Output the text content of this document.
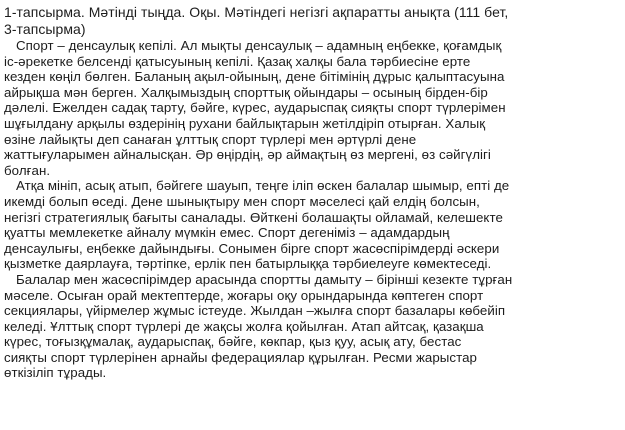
1-тапсырма. Мәтінді тыңда. Оқы. Мәтіндегі негізгі ақпаратты анықта (111 бет,
3-тапсырма)
Спорт – денсаулық кепілі. Ал мықты денсаулық – адамның еңбекке, қоғамдық
іс-әрекетке белсенді қатысуының кепілі. Қазақ халқы бала тәрбиесіне ерте
кезден көңіл бөлген. Баланың ақыл-ойының, дене бітімінің дұрыс қалыптасуына
айрықша мән берген. Халқымыздың спорттық ойындары – осының бірден-бір
дәлелі. Ежелден садақ тарту, бәйге, күрес, аударыспақ сияқты спорт түрлерімен
шұғылдану арқылы өздерінің рухани байлықтарын жетілдіріп отырған. Халық
өзіне лайықты деп санаған ұлттық спорт түрлері мен әртүрлі дене
жаттығуларымен айналысқан. Әр өңірдің, әр аймақтың өз мергені, өз сәйгүлігі
болған.
Атқа мініп, асық атып, бәйгеге шауып, теңге іліп өскен балалар шымыр, епті де
икемді болып өседі. Дене шынықтыру мен спорт мәселесі қай елдің болсын,
негізгі стратегиялық бағыты саналады. Өйткені болашақты ойламай, келешекте
қуатты мемлекетке айналу мүмкін емес. Спорт дегеніміз – адамдардың
денсаулығы, еңбекке дайындығы. Сонымен бірге спорт жасөспірімдерді әскери
қызметке даярлауға, тәртіпке, ерлік пен батырлыққа тәрбиелеуге көмектеседі.
Балалар мен жасөспірімдер арасында спортты дамыту – бірінші кезекте тұрған
мәселе. Осыған орай мектептерде, жоғары оқу орындарында көптеген спорт
секциялары, үйірмелер жұмыс істеуде. Жылдан –жылға спорт базалары көбейіп
келеді. Ұлттық спорт түрлері де жақсы жолға қойылған. Атап айтсақ, қазақша
күрес, тоғызқұмалақ, аударыспақ, бәйге, көкпар, қыз қуу, асық ату, бестас
сияқты спорт түрлерінен арнайы федерациялар құрылған. Ресми жарыстар
өткізіліп тұрады.
